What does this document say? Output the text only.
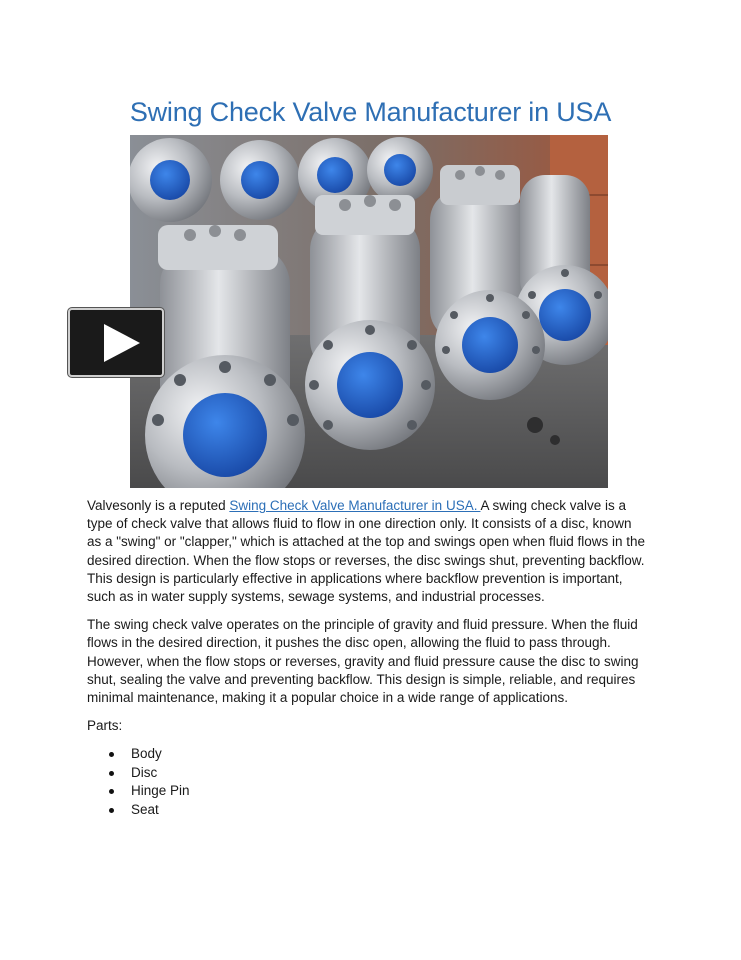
Swing Check Valve Manufacturer in USA

Valvesonly is a reputed Swing Check Valve Manufacturer in USA. A swing check valve is a type of check valve that allows fluid to flow in one direction only. It consists of a disc, known as a "swing" or "clapper," which is attached at the top and swings open when fluid flows in the desired direction. When the flow stops or reverses, the disc swings shut, preventing backflow. This design is particularly effective in applications where backflow prevention is important, such as in water supply systems, sewage systems, and industrial processes.

The swing check valve operates on the principle of gravity and fluid pressure. When the fluid flows in the desired direction, it pushes the disc open, allowing the fluid to pass through. However, when the flow stops or reverses, gravity and fluid pressure cause the disc to swing shut, sealing the valve and preventing backflow. This design is simple, reliable, and requires minimal maintenance, making it a popular choice in a wide range of applications.

Parts:

Body
Disc
Hinge Pin
Seat
